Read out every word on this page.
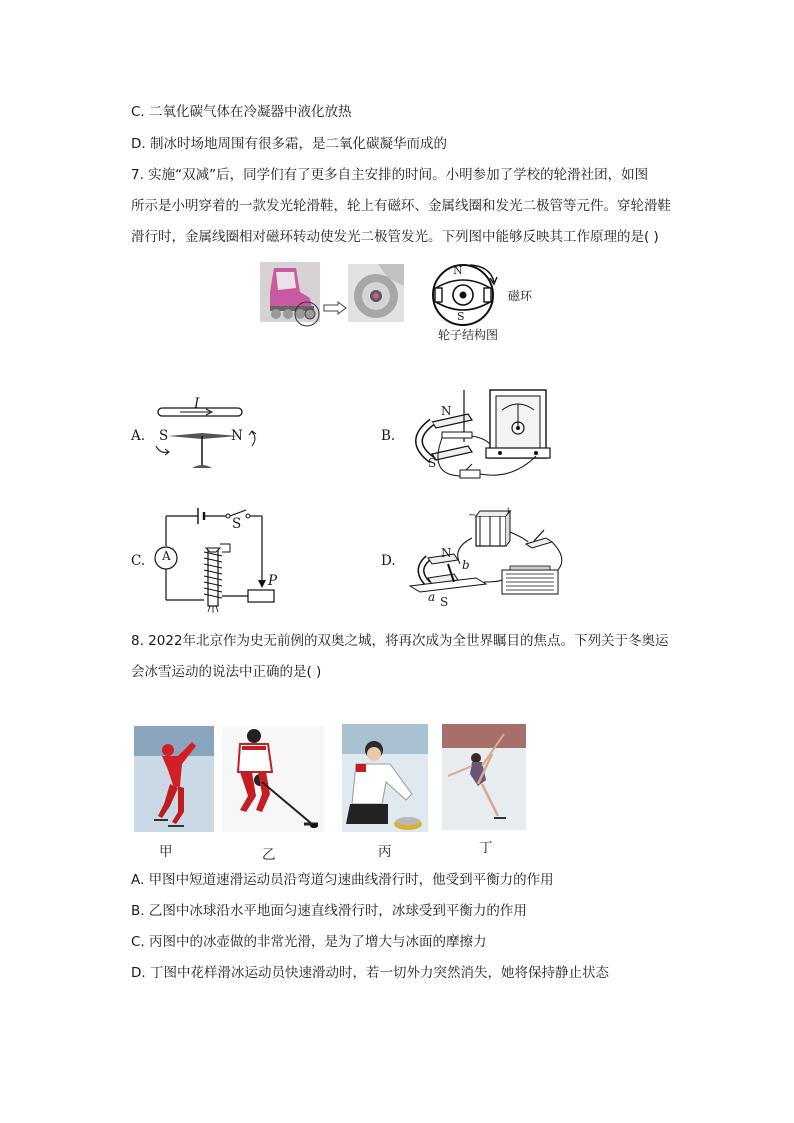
C. 二氧化碳气体在冷凝器中液化放热
D. 制冰时场地周围有很多霜，是二氧化碳凝华而成的
7. 实施“双减”后，同学们有了更多自主安排的时间。小明参加了学校的轮滑社团，如图
所示是小明穿着的一款发光轮滑鞋，轮上有磁环、金属线圈和发光二极管等元件。穿轮滑鞋
滑行时，金属线圈相对磁环转动使发光二极管发光。下列图中能够反映其工作原理的是( )
N
S
磁环
轮子结构图
A.
I
S	N	B.
N
S
C. A
S
P
D.	N
S
a
b
−	+
8. 2022年北京作为史无前例的双奥之城，将再次成为全世界瞩目的焦点。下列关于冬奥运
会冰雪运动的说法中正确的是( )
甲	乙	丙	丁
A. 甲图中短道速滑运动员沿弯道匀速曲线滑行时，他受到平衡力的作用
B. 乙图中冰球沿水平地面匀速直线滑行时，冰球受到平衡力的作用
C. 丙图中的冰壶做的非常光滑，是为了增大与冰面的摩擦力
D. 丁图中花样滑冰运动员快速滑动时，若一切外力突然消失，她将保持静止状态
